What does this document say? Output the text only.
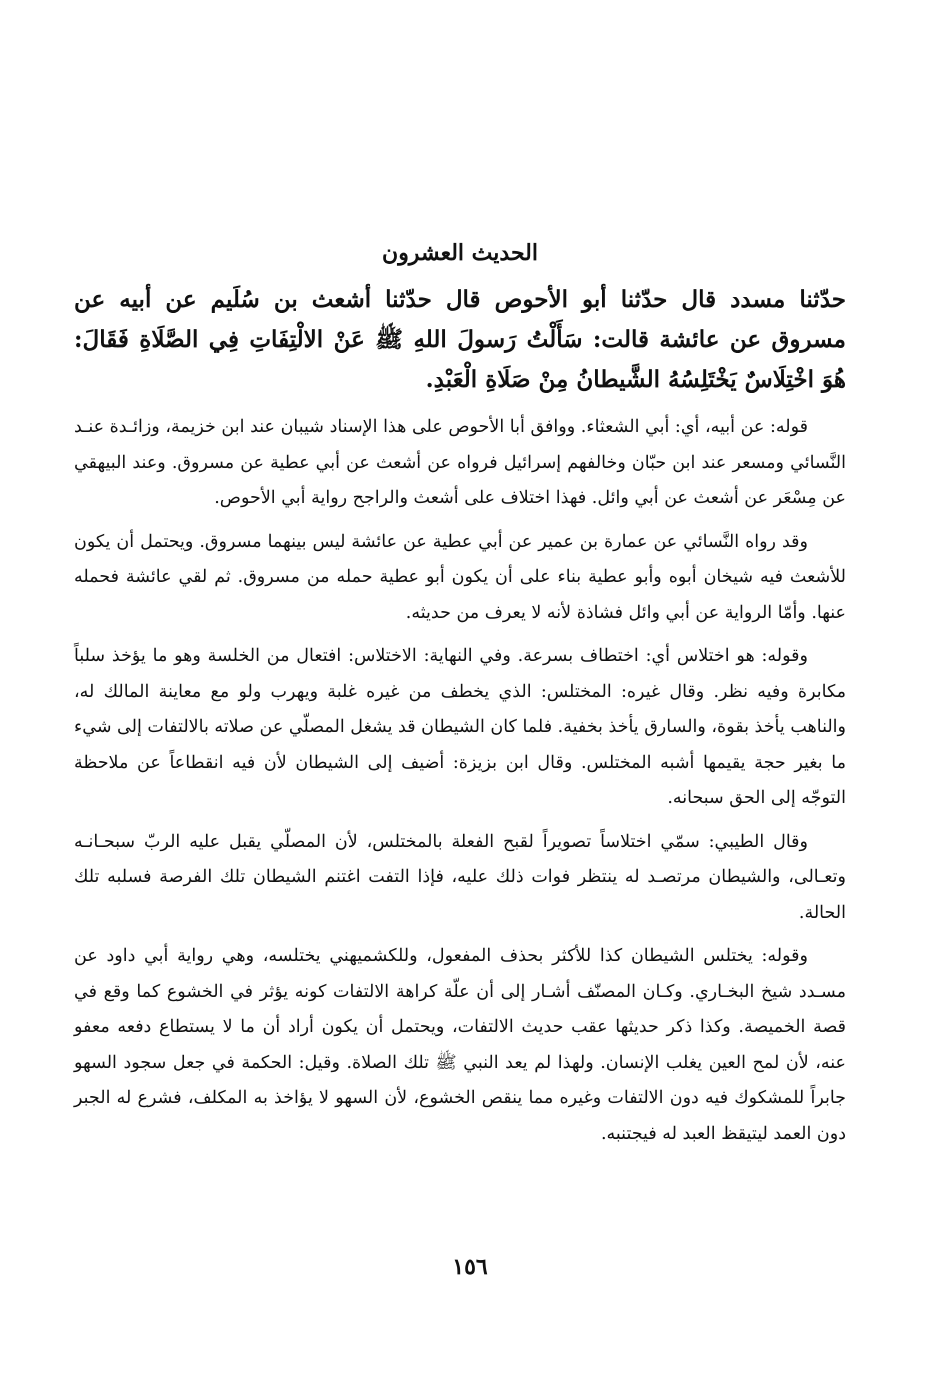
الحديث العشرون

حدّثنا مسدد قال حدّثنا أبو الأحوص قال حدّثنا أشعث بن سُلَيم عن أبيه عن مسروق عن عائشة قالت: سَأَلْتُ رَسولَ اللهِ ﷺ عَنْ الالْتِفَاتِ فِي الصَّلَاةِ فَقَالَ: هُوَ اخْتِلَاسٌ يَخْتَلِسُهُ الشَّيطانُ مِنْ صَلَاةِ الْعَبْدِ.

قوله: عن أبيه، أي: أبي الشعثاء. ووافق أبا الأحوص على هذا الإسناد شيبان عند ابن خزيمة، وزائـدة عنـد النَّسائي ومسعر عند ابن حبّان وخالفهم إسرائيل فرواه عن أشعث عن أبي عطية عن مسروق. وعند البيهقي عن مِسْعَر عن أشعث عن أبي وائل. فهذا اختلاف على أشعث والراجح رواية أبي الأحوص.

وقد رواه النَّسائي عن عمارة بن عمير عن أبي عطية عن عائشة ليس بينهما مسروق. ويحتمل أن يكون للأشعث فيه شيخان أبوه وأبو عطية بناء على أن يكون أبو عطية حمله من مسروق. ثم لقي عائشة فحمله عنها. وأمّا الرواية عن أبي وائل فشاذة لأنه لا يعرف من حديثه.

وقوله: هو اختلاس أي: اختطاف بسرعة. وفي النهاية: الاختلاس: افتعال من الخلسة وهو ما يؤخذ سلباً مكابرة وفيه نظر. وقال غيره: المختلس: الذي يخطف من غيره غلبة ويهرب ولو مع معاينة المالك له، والناهب يأخذ بقوة، والسارق يأخذ بخفية. فلما كان الشيطان قد يشغل المصلّي عن صلاته بالالتفات إلى شيء ما بغير حجة يقيمها أشبه المختلس. وقال ابن بزيزة: أضيف إلى الشيطان لأن فيه انقطاعاً عن ملاحظة التوجّه إلى الحق سبحانه.

وقال الطيبي: سمّي اختلاساً تصويراً لقبح الفعلة بالمختلس، لأن المصلّي يقبل عليه الربّ سبحـانـه وتعـالى، والشيطان مرتصـد له ينتظر فوات ذلك عليه، فإذا التفت اغتنم الشيطان تلك الفرصة فسلبه تلك الحالة.

وقوله: يختلس الشيطان كذا للأكثر بحذف المفعول، وللكشميهني يختلسه، وهي رواية أبي داود عن مسـدد شيخ البخـاري. وكـان المصنّف أشـار إلى أن علّة كراهة الالتفات كونه يؤثر في الخشوع كما وقع في قصة الخميصة. وكذا ذكر حديثها عقب حديث الالتفات، ويحتمل أن يكون أراد أن ما لا يستطاع دفعه معفو عنه، لأن لمح العين يغلب الإنسان. ولهذا لم يعد النبي ﷺ تلك الصلاة. وقيل: الحكمة في جعل سجود السهو جابراً للمشكوك فيه دون الالتفات وغيره مما ينقص الخشوع، لأن السهو لا يؤاخذ به المكلف، فشرع له الجبر دون العمد ليتيقظ العبد له فيجتنبه.

١٥٦
